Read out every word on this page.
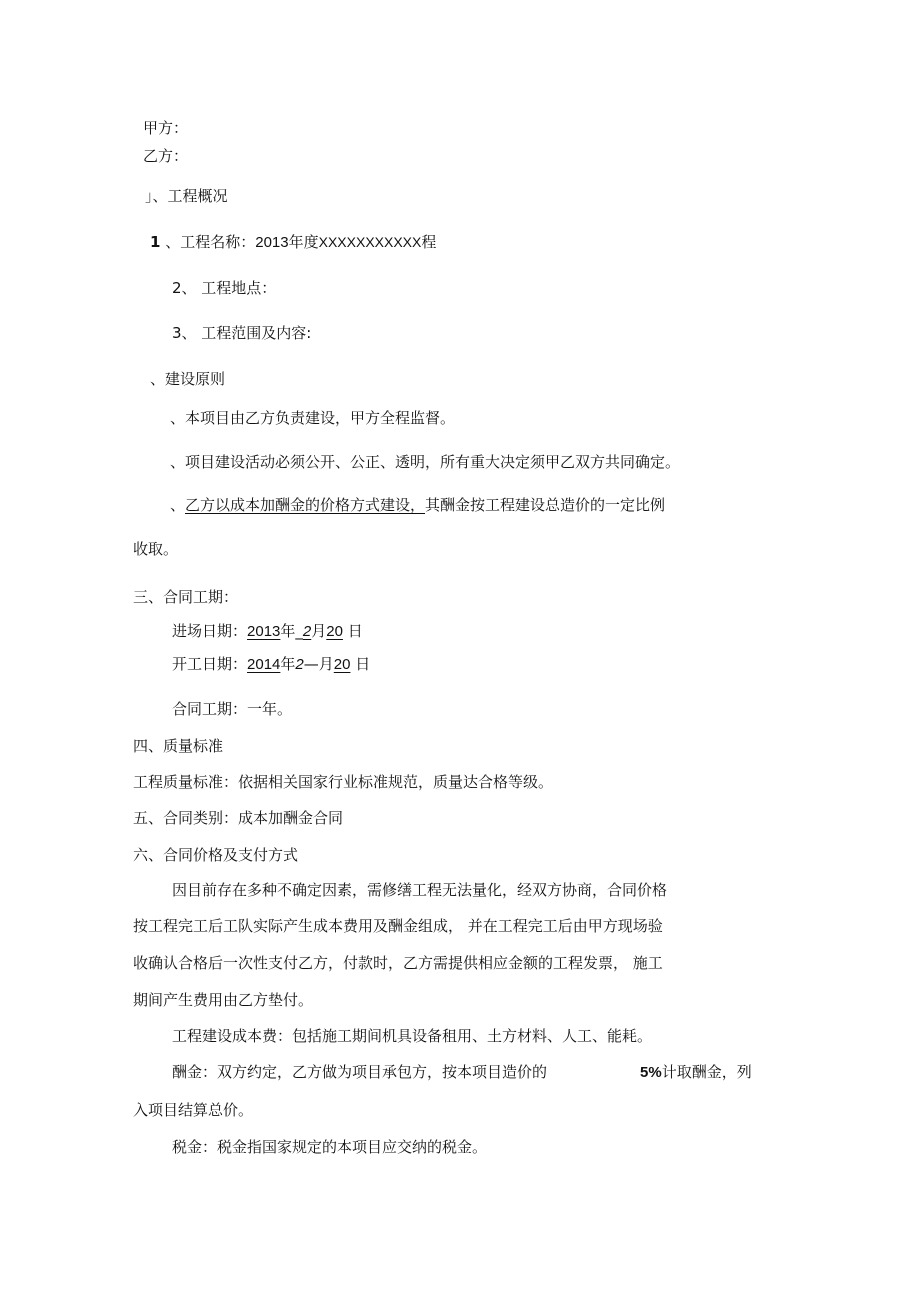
甲方：
乙方：
」、工程概况
1 、工程名称：2013年度XXXXXXXXXXX程
2、 工程地点：
3、 工程范围及内容:
、建设原则
、本项目由乙方负责建设，甲方全程监督。
、项目建设活动必须公开、公正、透明，所有重大决定须甲乙双方共同确定。
、乙方以成本加酬金的价格方式建设，其酬金按工程建设总造价的一定比例
收取。
三、合同工期：
进场日期：2013年_2月20 日
开工日期：2014年2—月20 日
合同工期：一年。
四、质量标准
工程质量标准：依据相关国家行业标准规范，质量达合格等级。
五、合同类别：成本加酬金合同
六、合同价格及支付方式
因目前存在多种不确定因素，需修缮工程无法量化，经双方协商，合同价格
按工程完工后工队实际产生成本费用及酬金组成， 并在工程完工后由甲方现场验
收确认合格后一次性支付乙方，付款时，乙方需提供相应金额的工程发票， 施工
期间产生费用由乙方垫付。
工程建设成本费：包括施工期间机具设备租用、土方材料、人工、能耗。
酬金：双方约定，乙方做为项目承包方，按本项目造价的	5%计取酬金，列
入项目结算总价。
税金：税金指国家规定的本项目应交纳的税金。
